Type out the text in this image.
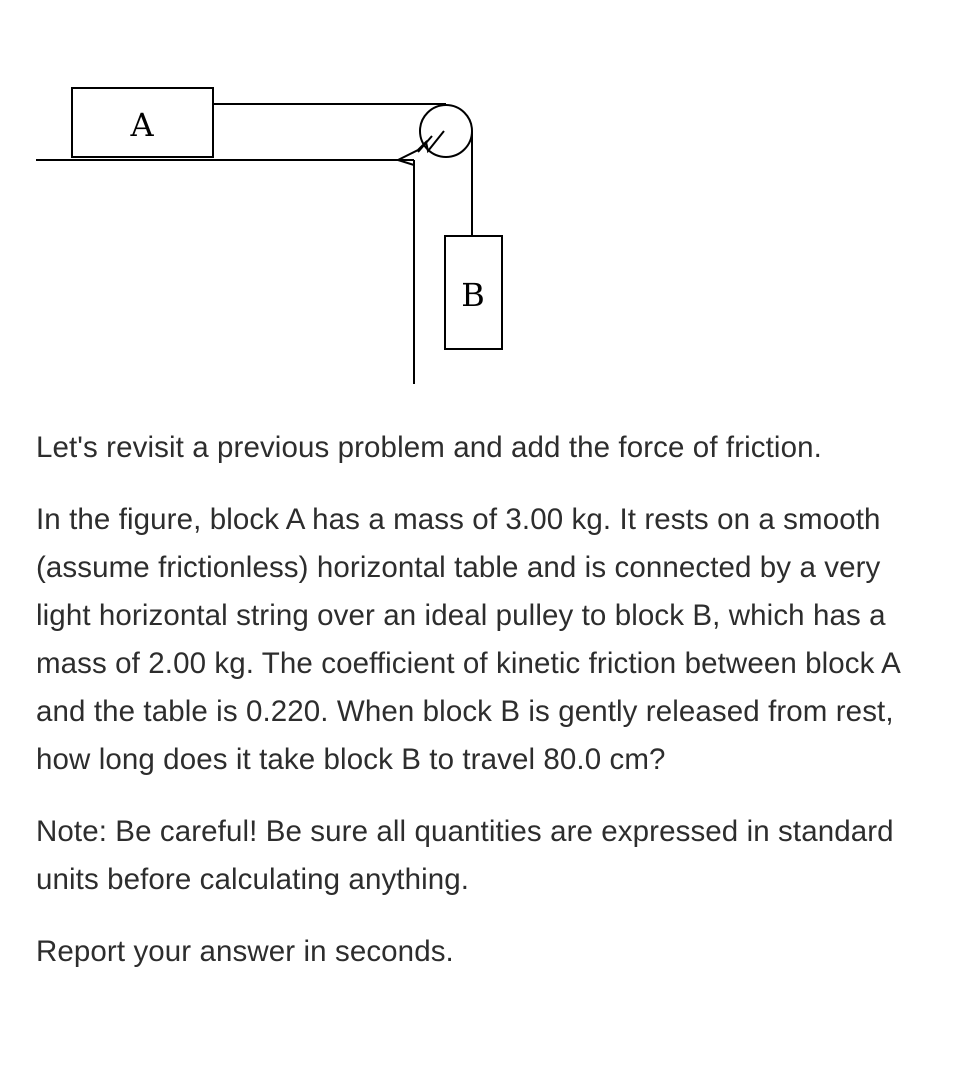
A
B

Let's revisit a previous problem and add the force of friction.

In the figure, block A has a mass of 3.00 kg. It rests on a smooth (assume frictionless) horizontal table and is connected by a very light horizontal string over an ideal pulley to block B, which has a mass of 2.00 kg. The coefficient of kinetic friction between block A and the table is 0.220. When block B is gently released from rest, how long does it take block B to travel 80.0 cm?

Note: Be careful! Be sure all quantities are expressed in standard units before calculating anything.

Report your answer in seconds.
